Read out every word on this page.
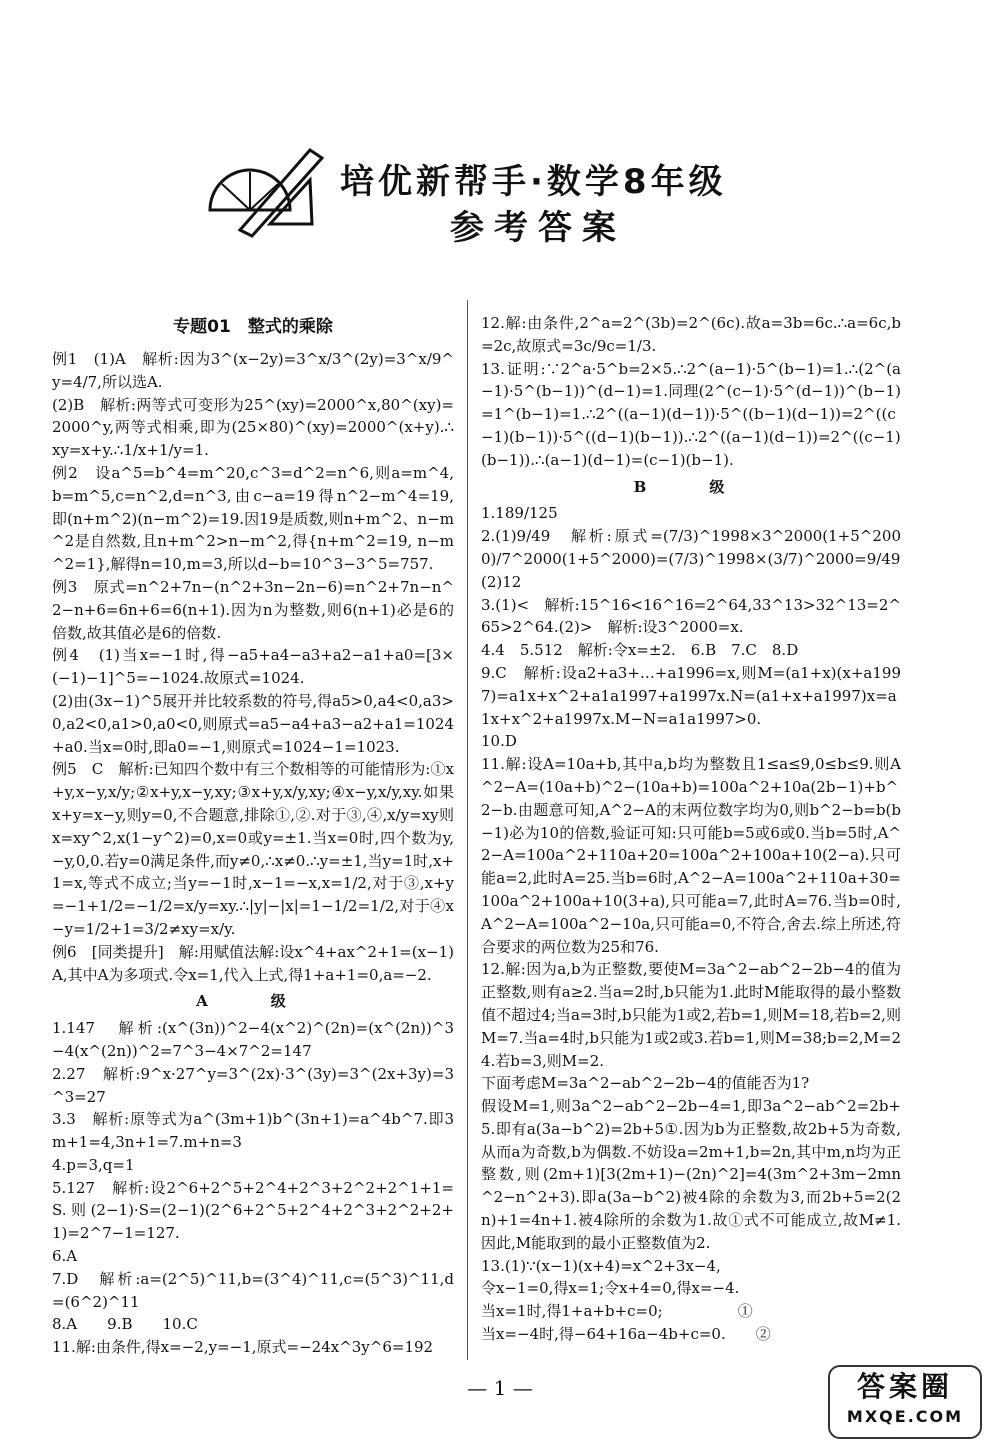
培优新帮手·数学8年级
参考答案
专题01　整式的乘除

例1　(1)A　解析:因为3^(x−2y)=3^x/3^(2y)=3^x/9^y=4/7,所以选A.

(2)B　解析:两等式可变形为25^(xy)=2000^x,80^(xy)=2000^y,两等式相乘,即为(25×80)^(xy)=2000^(x+y).∴xy=x+y.∴1/x+1/y=1.

例2　设a^5=b^4=m^20,c^3=d^2=n^6,则a=m^4,b=m^5,c=n^2,d=n^3,由c−a=19得n^2−m^4=19,即(n+m^2)(n−m^2)=19.因19是质数,则n+m^2、n−m^2是自然数,且n+m^2>n−m^2,得{n+m^2=19, n−m^2=1},解得n=10,m=3,所以d−b=10^3−3^5=757.

例3　原式=n^2+7n−(n^2+3n−2n−6)=n^2+7n−n^2−n+6=6n+6=6(n+1).因为n为整数,则6(n+1)必是6的倍数,故其值必是6的倍数.

例4　(1)当x=−1时,得−a5+a4−a3+a2−a1+a0=[3×(−1)−1]^5=−1024.故原式=1024.

(2)由(3x−1)^5展开并比较系数的符号,得a5>0,a4<0,a3>0,a2<0,a1>0,a0<0,则原式=a5−a4+a3−a2+a1=1024+a0.当x=0时,即a0=−1,则原式=1024−1=1023.

例5　C　解析:已知四个数中有三个数相等的可能情形为:①x+y,x−y,x/y;②x+y,x−y,xy;③x+y,x/y,xy;④x−y,x/y,xy.如果x+y=x−y,则y=0,不合题意,排除①,②.对于③,④,x/y=xy则x=xy^2,x(1−y^2)=0,x=0或y=±1.当x=0时,四个数为y,−y,0,0.若y=0满足条件,而y≠0,∴x≠0.∴y=±1,当y=1时,x+1=x,等式不成立;当y=−1时,x−1=−x,x=1/2,对于③,x+y=−1+1/2=−1/2=x/y=xy.∴|y|−|x|=1−1/2=1/2,对于④x−y=1/2+1=3/2≠xy=x/y.

例6　[同类提升]　解:用赋值法解:设x^4+ax^2+1=(x−1)A,其中A为多项式.令x=1,代入上式,得1+a+1=0,a=−2.

A　级

1.147　解析:(x^(3n))^2−4(x^2)^(2n)=(x^(2n))^3−4(x^(2n))^2=7^3−4×7^2=147

2.27　解析:9^x·27^y=3^(2x)·3^(3y)=3^(2x+3y)=3^3=27

3.3　解析:原等式为a^(3m+1)b^(3n+1)=a^4b^7.即3m+1=4,3n+1=7.m+n=3

4.p=3,q=1

5.127　解析:设2^6+2^5+2^4+2^3+2^2+2^1+1=S.则(2−1)·S=(2−1)(2^6+2^5+2^4+2^3+2^2+2+1)=2^7−1=127.

6.A

7.D　解析:a=(2^5)^11,b=(3^4)^11,c=(5^3)^11,d=(6^2)^11

8.A　　9.B　　10.C

11.解:由条件,得x=−2,y=−1,原式=−24x^3y^6=192

12.解:由条件,2^a=2^(3b)=2^(6c).故a=3b=6c.∴a=6c,b=2c,故原式=3c/9c=1/3.

13.证明:∵2^a·5^b=2×5.∴2^(a−1)·5^(b−1)=1.∴(2^(a−1)·5^(b−1))^(d−1)=1.同理(2^(c−1)·5^(d−1))^(b−1)=1^(b−1)=1.∴2^((a−1)(d−1))·5^((b−1)(d−1))=2^((c−1)(b−1))·5^((d−1)(b−1)).∴2^((a−1)(d−1))=2^((c−1)(b−1)).∴(a−1)(d−1)=(c−1)(b−1).

B　级

1.189/125

2.(1)9/49　解析:原式=(7/3)^1998×3^2000(1+5^2000)/7^2000(1+5^2000)=(7/3)^1998×(3/7)^2000=9/49　(2)12

3.(1)<　解析:15^16<16^16=2^64,33^13>32^13=2^65>2^64.(2)>　解析:设3^2000=x.

4.4　5.512　解析:令x=±2.　6.B　7.C　8.D

9.C　解析:设a2+a3+…+a1996=x,则M=(a1+x)(x+a1997)=a1x+x^2+a1a1997+a1997x.N=(a1+x+a1997)x=a1x+x^2+a1997x.M−N=a1a1997>0.

10.D

11.解:设A=10a+b,其中a,b均为整数且1≤a≤9,0≤b≤9.则A^2−A=(10a+b)^2−(10a+b)=100a^2+10a(2b−1)+b^2−b.由题意可知,A^2−A的末两位数字均为0,则b^2−b=b(b−1)必为10的倍数,验证可知:只可能b=5或6或0.当b=5时,A^2−A=100a^2+110a+20=100a^2+100a+10(2−a).只可能a=2,此时A=25.当b=6时,A^2−A=100a^2+110a+30=100a^2+100a+10(3+a),只可能a=7,此时A=76.当b=0时,A^2−A=100a^2−10a,只可能a=0,不符合,舍去.综上所述,符合要求的两位数为25和76.

12.解:因为a,b为正整数,要使M=3a^2−ab^2−2b−4的值为正整数,则有a≥2.当a=2时,b只能为1.此时M能取得的最小整数值不超过4;当a=3时,b只能为1或2,若b=1,则M=18,若b=2,则M=7.当a=4时,b只能为1或2或3.若b=1,则M=38;b=2,M=24.若b=3,则M=2.

下面考虑M=3a^2−ab^2−2b−4的值能否为1?

假设M=1,则3a^2−ab^2−2b−4=1,即3a^2−ab^2=2b+5.即有a(3a−b^2)=2b+5①.因为b为正整数,故2b+5为奇数,从而a为奇数,b为偶数.不妨设a=2m+1,b=2n,其中m,n均为正整数,则(2m+1)[3(2m+1)−(2n)^2]=4(3m^2+3m−2mn^2−n^2+3).即a(3a−b^2)被4除的余数为3,而2b+5=2(2n)+1=4n+1.被4除所的余数为1.故①式不可能成立,故M≠1.因此,M能取到的最小正整数值为2.

13.(1)∵(x−1)(x+4)=x^2+3x−4,

令x−1=0,得x=1;令x+4=0,得x=−4.

当x=1时,得1+a+b+c=0;　　　　　①

当x=−4时,得−64+16a−4b+c=0.　　②

— 1 —	答案圈
MXQE.COM
